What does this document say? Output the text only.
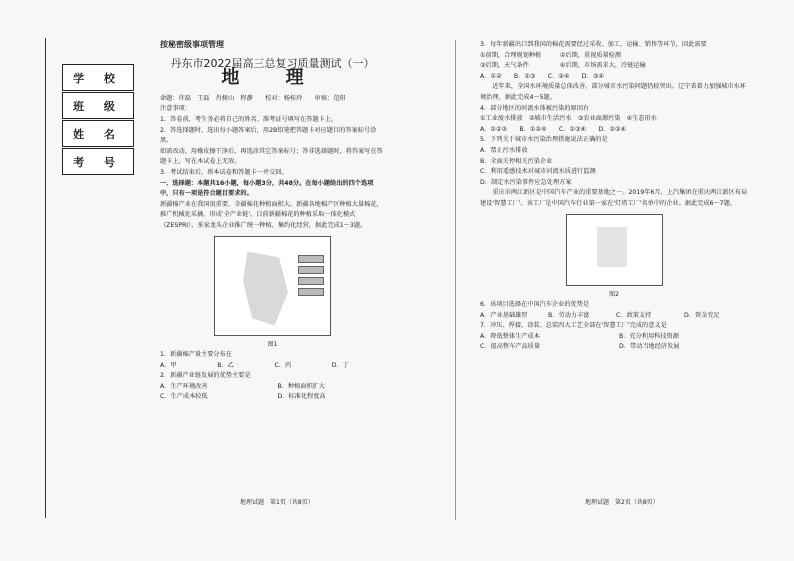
学 校
班 级
姓 名
考 号
按秘密级事项管理
丹东市2022届高三总复习质量测试（一）
地 理
命题：许磊　王磊　肖树山　程静　　校对：杨桂玲　　审核：范阳
注意事项：
1．答卷前，考生务必将自己的姓名、准考证号填写在答题卡上。
2．答选择题时，选出每小题答案后，用2B铅笔把答题卡对应题目的答案标号涂黑。
如需改动，用橡皮擦干净后，再选涂其它答案标号；答非选择题时，将答案写在答题卡上，写在本试卷上无效。
3．考试结束后，将本试卷和答题卡一并交回。
一、选择题：本题共16小题，每小题3分，共48分。在每小题给出的四个选项中，只有一项是符合题目要求的。
新疆棉产业在我国很重要，全疆棉花种植面积大。新疆各地棉产区种植大量棉花，推广机械化采摘，形成'全产业链'。目前新疆棉花的种植采取一体化模式（ZESPRI），多家龙头企业推广统一种植、集约化经营，据此完成1～3题。
图1
1．新疆棉产量主要分布在
A．甲	B．乙	C．丙	D．丁
2．新疆产业链发展的优势主要是
A．生产环境改善	B．种植面积扩大
C．生产成本较低	D．标准化程度高
地理试题　第1页（共8页）
3．每年新疆出口到我国的棉花需要经过采收、加工、运输、销售等环节，因此需要
①前期，合理规划种植　　　②后期，重视质量检测
③后期，天气条件　　　　　④后期，市场需求大，冷链运输
A．①②　　B．①③　　C．②④　　D．③④
　　近年来，全国水环境质量总体改善，部分城市水污染问题仍较突出。辽宁省着力加强城市水环境治理，据此完成4～5题。
4．部分地区的河流水体被污染的原因有
①工业废水排放　②城市生活污水　③农业面源污染　④生态用水
A．①②③　　B．①②④　　C．①③④　　D．②③④
5．下列关于城市水污染治理措施说法正确的是
A．禁止污水排放
B．全面关停相关污染企业
C．利用遥感技术对城市河流水质进行监测
D．制定水污染事件应急处理方案
　　重庆市两江新区是中国汽车产业的重要基地之一。2019年6月，上汽集团在重庆两江新区布局建设'智慧工厂'。该工厂是中国汽车行业第一家在'灯塔工厂'名单中的企业。据此完成6～7题。
图2
6．该项目选择在中国汽车企业的优势是
A．产业基础雄厚	B．劳动力丰富	C．政策支持	D．资金充足
7．冲压、焊接、涂装、总装四大工艺全部在'智慧工厂'完成的意义是
A．降低整体生产成本	B．充分利用科技资源
C．提高整车产品质量	D．带动当地经济发展
地理试题　第2页（共8页）
